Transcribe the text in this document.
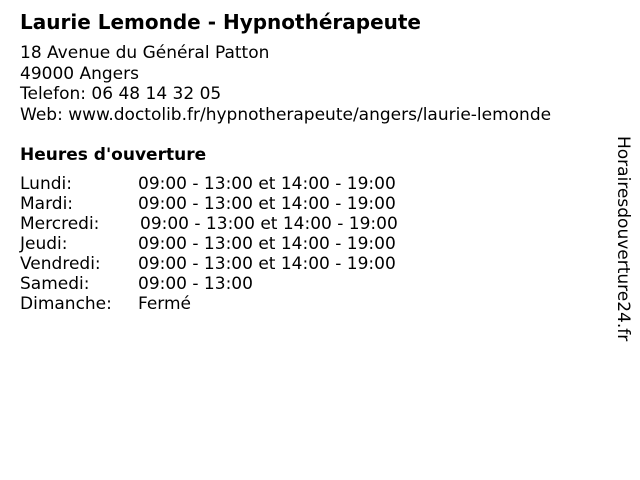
Laurie Lemonde - Hypnothérapeute
18 Avenue du Général Patton
49000 Angers
Telefon: 06 48 14 32 05
Web: www.doctolib.fr/hypnotherapeute/angers/laurie-lemonde
Heures d'ouverture
Lundi:	09:00 - 13:00 et 14:00 - 19:00
Mardi:	09:00 - 13:00 et 14:00 - 19:00
Mercredi: 09:00 - 13:00 et 14:00 - 19:00
Jeudi:	09:00 - 13:00 et 14:00 - 19:00
Vendredi: 09:00 - 13:00 et 14:00 - 19:00
Samedi:	09:00 - 13:00
Dimanche: Fermé	Horairesdouverture24.fr
